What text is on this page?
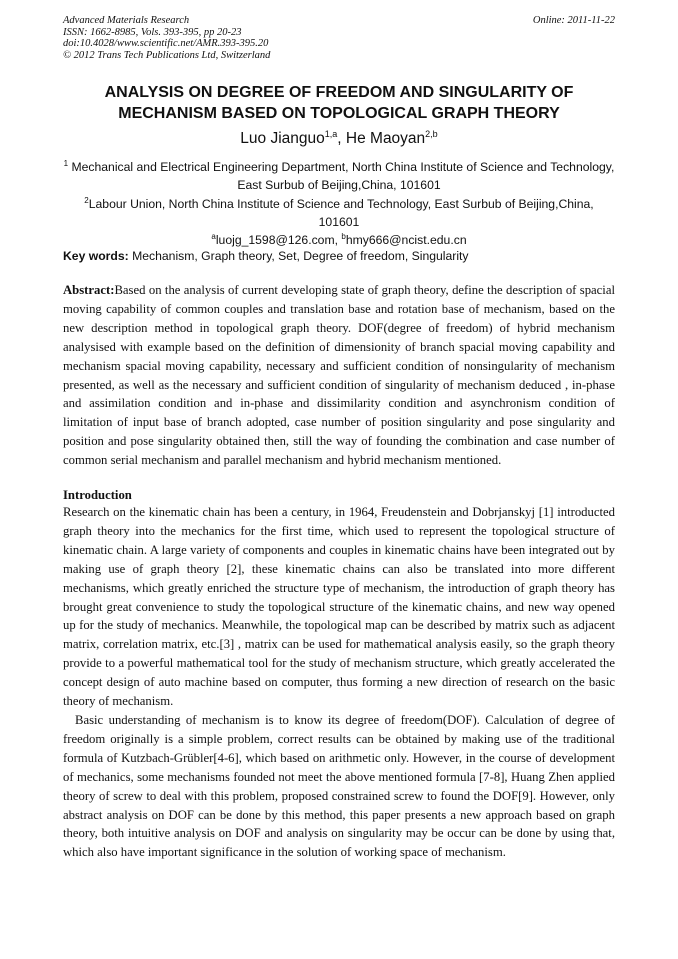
Advanced Materials Research
ISSN: 1662-8985, Vols. 393-395, pp 20-23
doi:10.4028/www.scientific.net/AMR.393-395.20
© 2012 Trans Tech Publications Ltd, Switzerland
Online: 2011-11-22
ANALYSIS ON DEGREE OF FREEDOM AND SINGULARITY OF MECHANISM BASED ON TOPOLOGICAL GRAPH THEORY
Luo Jianguo$^{1,a}$, He Maoyan$^{2,b}$

$^1$ Mechanical and Electrical Engineering Department, North China Institute of Science and Technology, East Surbub of Beijing,China, 101601

$^2$Labour Union, North China Institute of Science and Technology, East Surbub of Beijing,China, 101601

$^a$luojg_1598@126.com, $^b$hmy666@ncist.edu.cn

Key words: Mechanism, Graph theory, Set, Degree of freedom, Singularity

Abstract:Based on the analysis of current developing state of graph theory, define the description of spacial moving capability of common couples and translation base and rotation base of mechanism, based on the new description method in topological graph theory. DOF(degree of freedom) of hybrid mechanism analysised with example based on the definition of dimensionity of branch spacial moving capability and mechanism spacial moving capability, necessary and sufficient condition of nonsingularity of mechanism presented, as well as the necessary and sufficient condition of singularity of mechanism deduced , in-phase and assimilation condition and in-phase and dissimilarity condition and asynchronism condition of limitation of input base of branch adopted, case number of position singularity and pose singularity and position and pose singularity obtained then, still the way of founding the combination and case number of common serial mechanism and parallel mechanism and hybrid mechanism mentioned.

Introduction

Research on the kinematic chain has been a century, in 1964, Freudenstein and Dobrjanskyj [1] introducted graph theory into the mechanics for the first time, which used to represent the topological structure of kinematic chain. A large variety of components and couples in kinematic chains have been integrated out by making use of graph theory [2], these kinematic chains can also be translated into more different mechanisms, which greatly enriched the structure type of mechanism, the introduction of graph theory has brought great convenience to study the topological structure of the kinematic chains, and new way opened up for the study of mechanics. Meanwhile, the topological map can be described by matrix such as adjacent matrix, correlation matrix, etc.[3] , matrix can be used for mathematical analysis easily, so the graph theory provide to a powerful mathematical tool for the study of mechanism structure, which greatly accelerated the concept design of auto machine based on computer, thus forming a new direction of research on the basic theory of mechanism.

Basic understanding of mechanism is to know its degree of freedom(DOF). Calculation of degree of freedom originally is a simple problem, correct results can be obtained by making use of the traditional formula of Kutzbach-Grübler[4-6], which based on arithmetic only. However, in the course of development of mechanics, some mechanisms founded not meet the above mentioned formula [7-8], Huang Zhen applied theory of screw to deal with this problem, proposed constrained screw to found the DOF[9]. However, only abstract analysis on DOF can be done by this method, this paper presents a new approach based on graph theory, both intuitive analysis on DOF and analysis on singularity may be occur can be done by using that, which also have important significance in the solution of working space of mechanism.
